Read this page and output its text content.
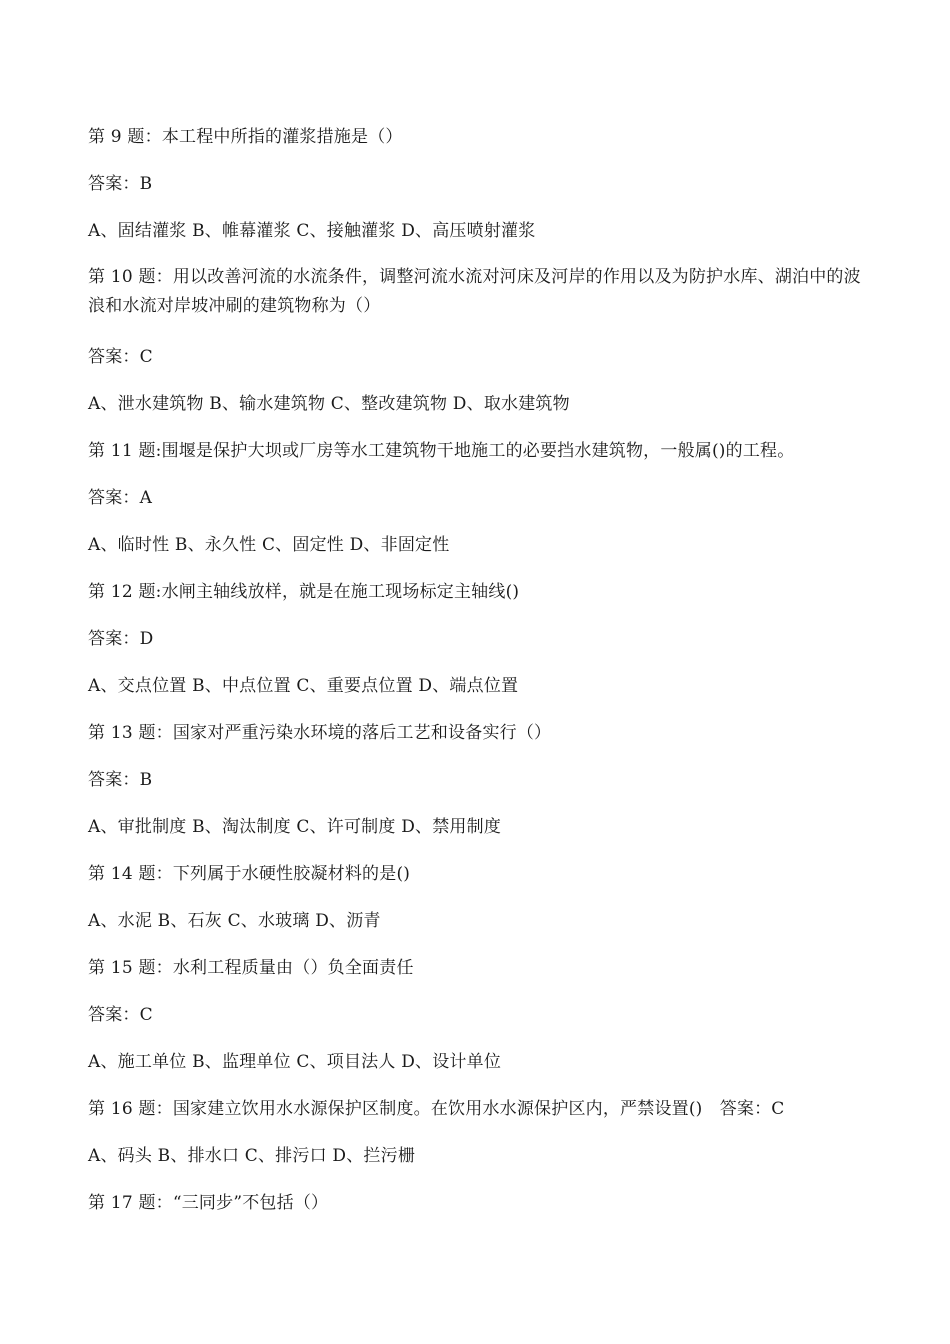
第 9 题：本工程中所指的灌浆措施是（）
答案：B
A、固结灌浆 B、帷幕灌浆 C、接触灌浆 D、高压喷射灌浆
第 10 题：用以改善河流的水流条件，调整河流水流对河床及河岸的作用以及为防护水库、湖泊中的波浪和水流对岸坡冲刷的建筑物称为（）
答案：C
A、泄水建筑物 B、输水建筑物 C、整改建筑物 D、取水建筑物
第 11 题:围堰是保护大坝或厂房等水工建筑物干地施工的必要挡水建筑物，一般属()的工程。
答案：A
A、临时性 B、永久性 C、固定性 D、非固定性
第 12 题:水闸主轴线放样，就是在施工现场标定主轴线()
答案：D
A、交点位置 B、中点位置 C、重要点位置 D、端点位置
第 13 题：国家对严重污染水环境的落后工艺和设备实行（）
答案：B
A、审批制度 B、淘汰制度 C、许可制度 D、禁用制度
第 14 题：下列属于水硬性胶凝材料的是()
A、水泥 B、石灰 C、水玻璃 D、沥青
第 15 题：水利工程质量由（）负全面责任
答案：C
A、施工单位 B、监理单位 C、项目法人 D、设计单位
第 16 题：国家建立饮用水水源保护区制度。在饮用水水源保护区内，严禁设置()　答案：C
A、码头 B、排水口 C、排污口 D、拦污栅
第 17 题：“三同步”不包括（）
